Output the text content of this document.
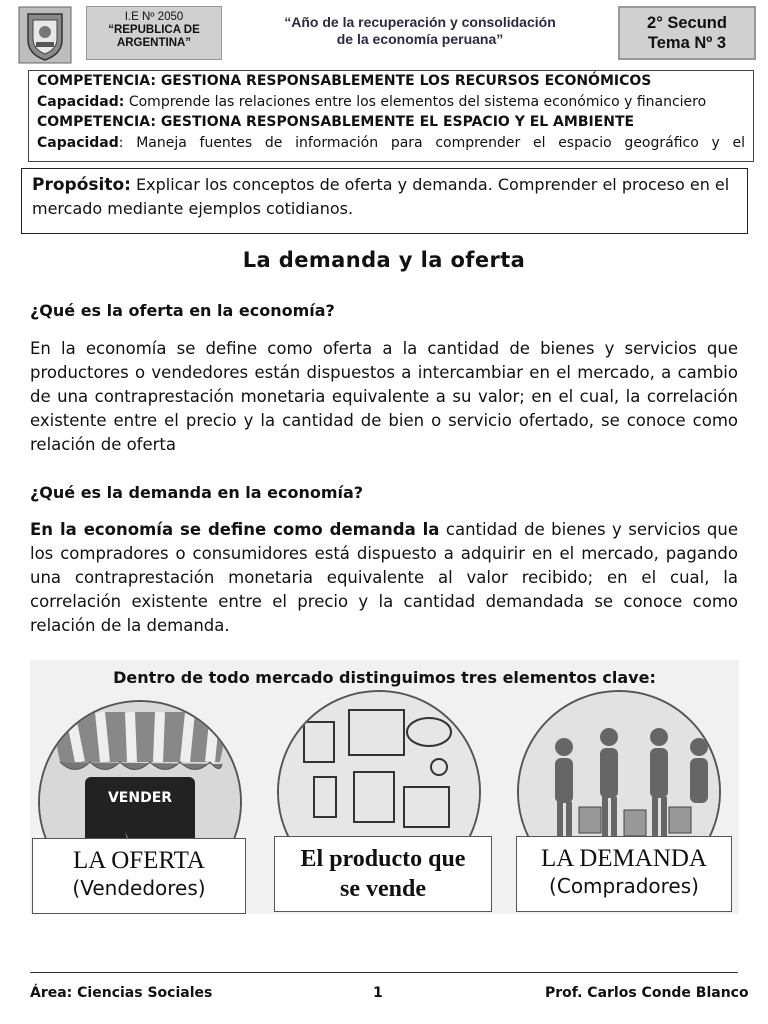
I.E Nº 2050
“REPUBLICA DE
ARGENTINA”
“Año de la recuperación y consolidación
de la economía peruana”
2° Secund
Tema Nº 3
COMPETENCIA: GESTIONA RESPONSABLEMENTE LOS RECURSOS ECONÓMICOS
Capacidad: Comprende las relaciones entre los elementos del sistema económico y financiero
COMPETENCIA: GESTIONA RESPONSABLEMENTE EL ESPACIO Y EL AMBIENTE
Capacidad: Maneja fuentes de información para comprender el espacio geográfico y el
Propósito: Explicar los conceptos de oferta y demanda. Comprender el proceso en el mercado mediante ejemplos cotidianos.
La demanda y la oferta
¿Qué es la oferta en la economía?
En la economía se define como oferta a la cantidad de bienes y servicios que productores o vendedores están dispuestos a intercambiar en el mercado, a cambio de una contraprestación monetaria equivalente a su valor; en el cual, la correlación existente entre el precio y la cantidad de bien o servicio ofertado, se conoce como relación de oferta
¿Qué es la demanda en la economía?
En la economía se define como demanda la cantidad de bienes y servicios que los compradores o consumidores está dispuesto a adquirir en el mercado, pagando una contraprestación monetaria equivalente al valor recibido; en el cual, la correlación existente entre el precio y la cantidad demandada se conoce como relación de la demanda.
Dentro de todo mercado distinguimos tres elementos clave:
VENDER
LA OFERTA
(Vendedores)
El producto que
se vende
LA DEMANDA
(Compradores)
Área: Ciencias Sociales	1	Prof. Carlos Conde Blanco
